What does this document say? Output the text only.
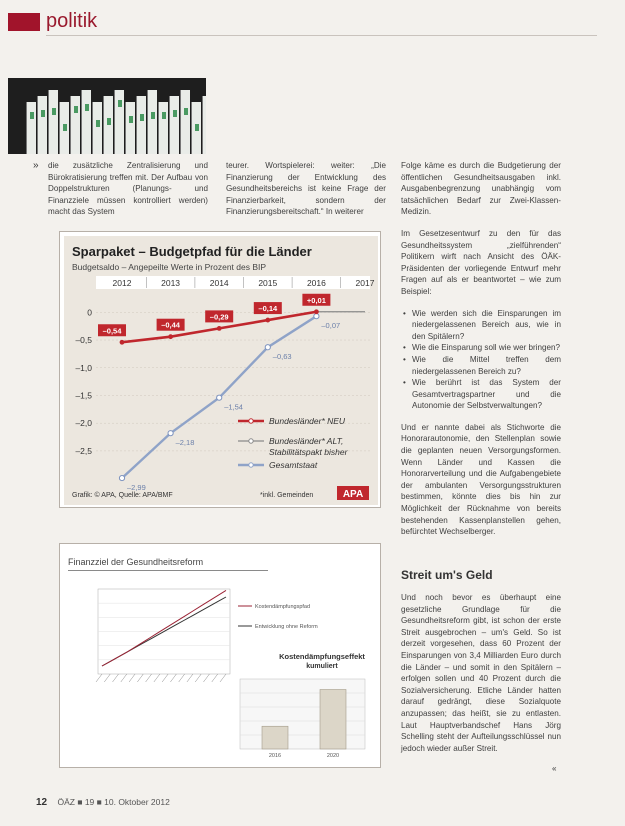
politik
» die zusätzliche Zentralisierung und Bürokratisierung treffen mit. Der Aufbau von Doppelstrukturen (Planungs- und Finanzziele müssen kontrolliert werden) macht das System

teurer. Wortspielerei: weiter: „Die Finanzierung der Entwicklung des Gesundheitsbereichs ist keine Frage der Finanzierbarkeit, sondern der Finanzierungsbereitschaft.“ In weiterer

Folge käme es durch die Budgetierung der öffentlichen Gesundheitsausgaben inkl. Ausgabenbegrenzung unabhängig vom tatsächlichen Bedarf zur Zwei-Klassen-Medizin.

Im Gesetzesentwurf zu den für das Gesundheitssystem „zielführenden“ Politikern wirft nach Ansicht des ÖÄK-Präsidenten der vorliegende Entwurf mehr Fragen auf als er beantwortet – wie zum Beispiel:

• Wie werden sich die Einsparungen im niedergelassenen Bereich aus, wie in den Spitälern?
• Wie die Einsparung soll wie wer bringen?
• Wie die Mittel treffen dem niedergelassenen Bereich zu?
• Wie berührt ist das System der Gesamtvertragspartner und die Autonomie der Selbstverwaltungen?

Und er nannte dabei als Stichworte die Honorarautonomie, den Stellenplan sowie die geplanten neuen Versorgungsformen. Wenn Länder und Kassen die Honorarverteilung und die Aufgabengebiete der ambulanten Versorgungsstrukturen bestimmen, könnte dies bis hin zur Möglichkeit der Rücknahme von bereits bestehenden Kassenplanstellen gehen, befürchtet Wechselberger.

Streit um's Geld

Und noch bevor es überhaupt eine gesetzliche Grundlage für die Gesundheitsreform gibt, ist schon der erste Streit ausgebrochen – um's Geld. So ist derzeit vorgesehen, dass 60 Prozent der Einsparungen von 3,4 Milliarden Euro durch die Länder – und somit in den Spitälern – erfolgen sollen und 40 Prozent durch die Sozialversicherung. Etliche Länder hatten darauf gedrängt, diese Sozialquote anzupassen; das heißt, sie zu entlasten. Laut Hauptverbandschef Hans Jörg Schelling steht der Aufteilungsschlüssel nun jedoch wieder außer Streit.

«
Sparpaket – Budgetpfad für die Länder
Budgetsaldo – Angepeilte Werte in Prozent des BIP
2012	2013	2014	2015	2016	2017
0
–0,5
–1,0
–1,5
–2,0
–2,5
–2,99
–2,18
–1,54
–0,63
–0,07
–0,54
–0,44
–0,29
–0,14
+0,01
Bundesländer* NEU
Bundesländer* ALT,
Gesamtstaat
Stabilitätspakt bisher
Grafik: © APA, Quelle: APA/BMF	*inkl. Gemeinden	APA
Finanzziel der Gesundheitsreform
Kostendämpfungspfad
Entwicklung ohne Reform
Kostendämpfungseffekt
kumuliert
2016	2020
12 ÖÄZ ■ 19 ■ 10. Oktober 2012
